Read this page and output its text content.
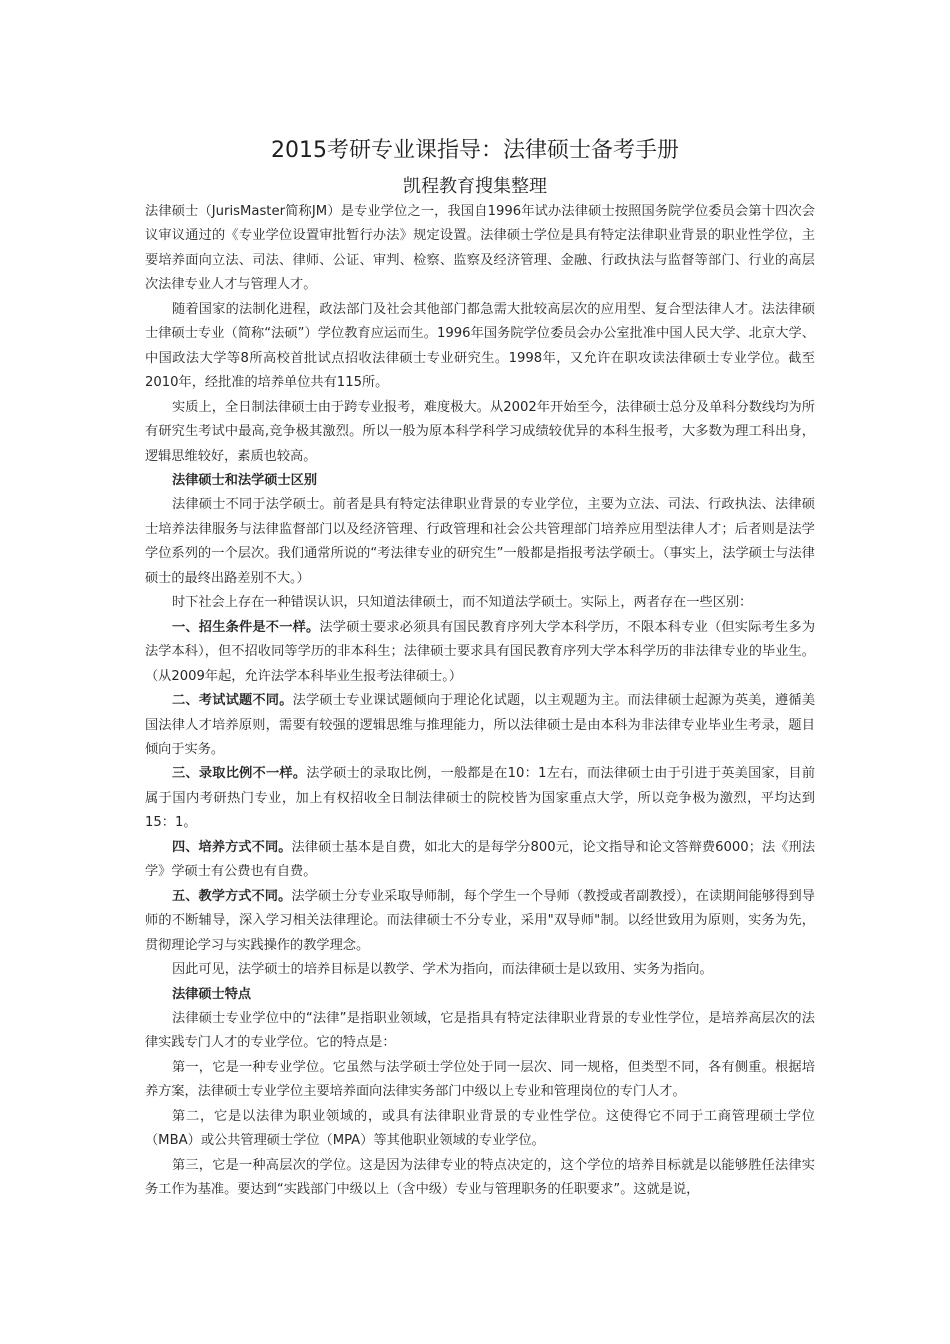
2015考研专业课指导：法律硕士备考手册
凯程教育搜集整理

法律硕士（JurisMaster简称JM）是专业学位之一，我国自1996年试办法律硕士按照国务院学位委员会第十四次会议审议通过的《专业学位设置审批暂行办法》规定设置。法律硕士学位是具有特定法律职业背景的职业性学位，主要培养面向立法、司法、律师、公证、审判、检察、监察及经济管理、金融、行政执法与监督等部门、行业的高层次法律专业人才与管理人才。

随着国家的法制化进程，政法部门及社会其他部门都急需大批较高层次的应用型、复合型法律人才。法法律硕士律硕士专业（简称“法硕”）学位教育应运而生。1996年国务院学位委员会办公室批准中国人民大学、北京大学、中国政法大学等8所高校首批试点招收法律硕士专业研究生。1998年，又允许在职攻读法律硕士专业学位。截至2010年，经批准的培养单位共有115所。

实质上，全日制法律硕士由于跨专业报考，难度极大。从2002年开始至今，法律硕士总分及单科分数线均为所有研究生考试中最高,竞争极其激烈。所以一般为原本科学科学习成绩较优异的本科生报考，大多数为理工科出身，逻辑思维较好，素质也较高。

法律硕士和法学硕士区别

法律硕士不同于法学硕士。前者是具有特定法律职业背景的专业学位，主要为立法、司法、行政执法、法律硕士培养法律服务与法律监督部门以及经济管理、行政管理和社会公共管理部门培养应用型法律人才；后者则是法学学位系列的一个层次。我们通常所说的“考法律专业的研究生”一般都是指报考法学硕士。（事实上，法学硕士与法律硕士的最终出路差别不大。）

时下社会上存在一种错误认识，只知道法律硕士，而不知道法学硕士。实际上，两者存在一些区别：

一、招生条件是不一样。法学硕士要求必须具有国民教育序列大学本科学历，不限本科专业（但实际考生多为法学本科），但不招收同等学历的非本科生；法律硕士要求具有国民教育序列大学本科学历的非法律专业的毕业生。（从2009年起，允许法学本科毕业生报考法律硕士。）

二、考试试题不同。法学硕士专业课试题倾向于理论化试题，以主观题为主。而法律硕士起源为英美，遵循美国法律人才培养原则，需要有较强的逻辑思维与推理能力，所以法律硕士是由本科为非法律专业毕业生考录，题目倾向于实务。

三、录取比例不一样。法学硕士的录取比例，一般都是在10：1左右，而法律硕士由于引进于英美国家，目前属于国内考研热门专业，加上有权招收全日制法律硕士的院校皆为国家重点大学，所以竞争极为激烈，平均达到15：1。

四、培养方式不同。法律硕士基本是自费，如北大的是每学分800元，论文指导和论文答辩费6000；法《刑法学》学硕士有公费也有自费。

五、教学方式不同。法学硕士分专业采取导师制，每个学生一个导师（教授或者副教授），在读期间能够得到导师的不断辅导，深入学习相关法律理论。而法律硕士不分专业，采用"双导师"制。以经世致用为原则，实务为先，贯彻理论学习与实践操作的教学理念。

因此可见，法学硕士的培养目标是以教学、学术为指向，而法律硕士是以致用、实务为指向。

法律硕士特点

法律硕士专业学位中的“法律”是指职业领域，它是指具有特定法律职业背景的专业性学位，是培养高层次的法律实践专门人才的专业学位。它的特点是：

第一，它是一种专业学位。它虽然与法学硕士学位处于同一层次、同一规格，但类型不同，各有侧重。根据培养方案，法律硕士专业学位主要培养面向法律实务部门中级以上专业和管理岗位的专门人才。

第二，它是以法律为职业领域的，或具有法律职业背景的专业性学位。这使得它不同于工商管理硕士学位（MBA）或公共管理硕士学位（MPA）等其他职业领域的专业学位。

第三，它是一种高层次的学位。这是因为法律专业的特点决定的，这个学位的培养目标就是以能够胜任法律实务工作为基准。要达到“实践部门中级以上（含中级）专业与管理职务的任职要求”。这就是说，
